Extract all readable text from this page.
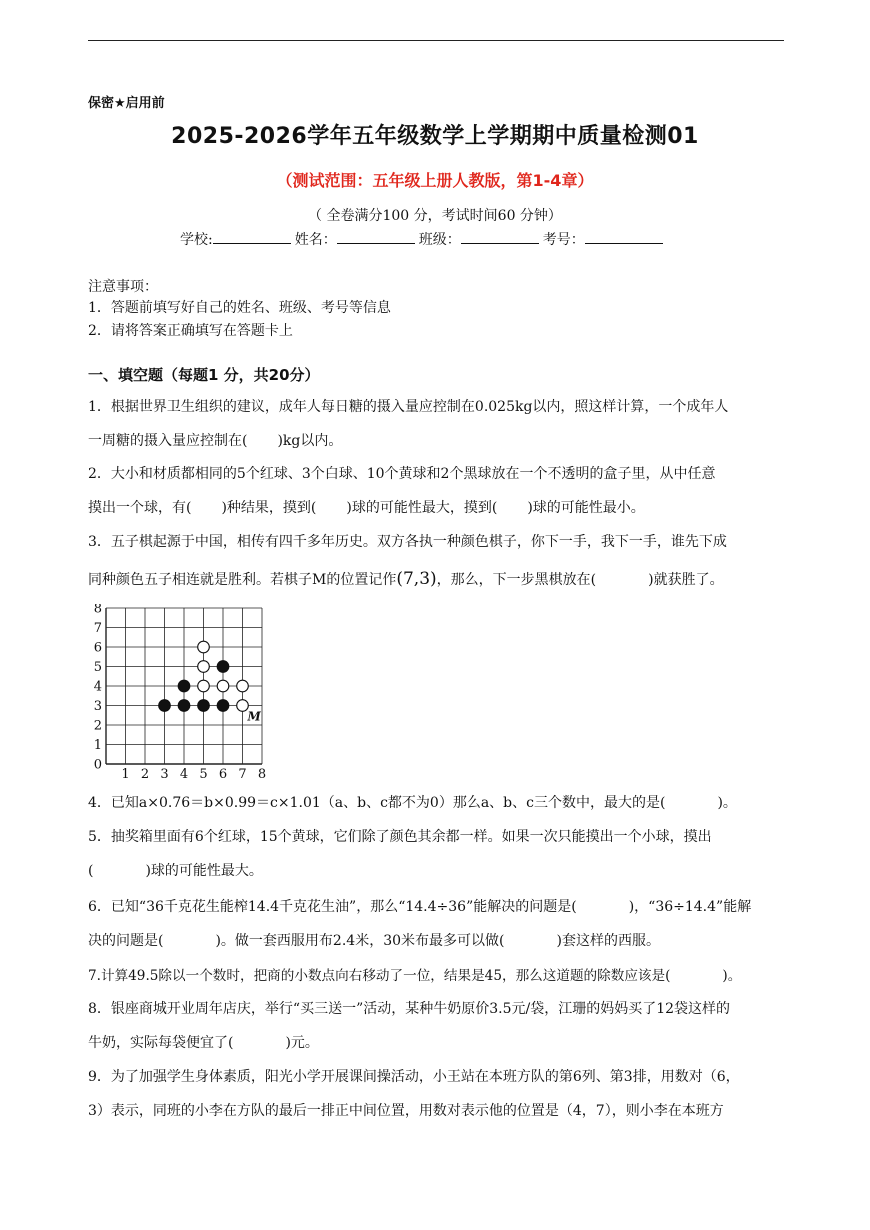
保密★启用前
2025-2026学年五年级数学上学期期中质量检测01
（测试范围：五年级上册人教版，第1-4章）
（ 全卷满分100 分，考试时间60 分钟）
学校:	姓名：	班级：	考号：
注意事项：
1．答题前填写好自己的姓名、班级、考号等信息
2．请将答案正确填写在答题卡上
一、填空题（每题1 分，共20分）
1．根据世界卫生组织的建议，成年人每日糖的摄入量应控制在0.025kg以内，照这样计算，一个成年人
一周糖的摄入量应控制在( )kg以内。
2．大小和材质都相同的5个红球、3个白球、10个黄球和2个黑球放在一个不透明的盒子里，从中任意
摸出一个球，有( )种结果，摸到( )球的可能性最大，摸到( )球的可能性最小。
3．五子棋起源于中国，相传有四千多年历史。双方各执一种颜色棋子，你下一手，我下一手，谁先下成
同种颜色五子相连就是胜利。若棋子M的位置记作(7,3)，那么，下一步黑棋放在(	)就获胜了。
0
1
2
3
4
5
6
7
8
1 2 3 4 5 6 7 8
M
4．已知a×0.76＝b×0.99＝c×1.01（a、b、c都不为0）那么a、b、c三个数中，最大的是(	)。
5．抽奖箱里面有6个红球，15个黄球，它们除了颜色其余都一样。如果一次只能摸出一个小球，摸出
(	)球的可能性最大。
6．已知“36千克花生能榨14.4千克花生油”，那么“14.4÷36”能解决的问题是(	)，“36÷14.4”能解
决的问题是(	)。做一套西服用布2.4米，30米布最多可以做(	)套这样的西服。
7.计算49.5除以一个数时，把商的小数点向右移动了一位，结果是45，那么这道题的除数应该是(	)。
8．银座商城开业周年店庆，举行“买三送一”活动，某种牛奶原价3.5元/袋，江珊的妈妈买了12袋这样的
牛奶，实际每袋便宜了(	)元。
9．为了加强学生身体素质，阳光小学开展课间操活动，小王站在本班方队的第6列、第3排，用数对（6，
3）表示，同班的小李在方队的最后一排正中间位置，用数对表示他的位置是（4，7），则小李在本班方
